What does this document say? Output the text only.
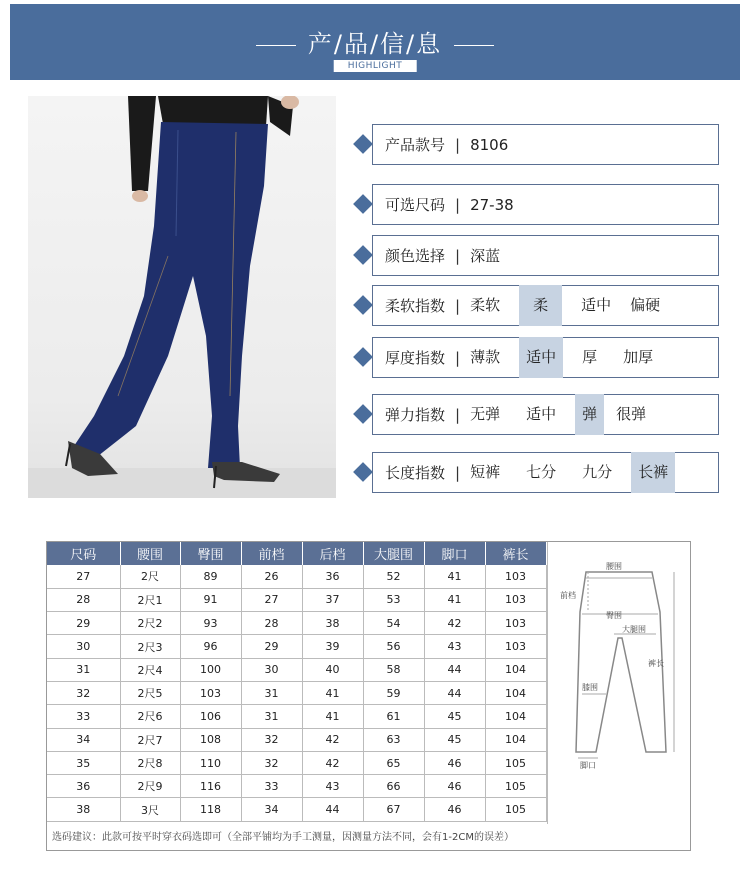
产/品/信/息
HIGHLIGHT
产品款号 | 8106
可选尺码 | 27-38
颜色选择 | 深蓝
柔软指数 | 柔软	柔	适中	偏硬
厚度指数 | 薄款	适中	厚	加厚
弹力指数 | 无弹	适中	弹	很弹
长度指数 | 短裤	七分	九分	长裤
尺码	腰围	臀围	前档	后档	大腿围	脚口	裤长
27	2尺	89	26	36	52	41	103
28	2尺1	91	27	37	53	41	103
29	2尺2	93	28	38	54	42	103
30	2尺3	96	29	39	56	43	103
31	2尺4	100	30	40	58	44	104
32	2尺5	103	31	41	59	44	104
33	2尺6	106	31	41	61	45	104
34	2尺7	108	32	42	63	45	104
35	2尺8	110	32	42	65	46	105
36	2尺9	116	33	43	66	46	105
38	3尺	118	34	44	67	46	105
腰围
前档
臀围
大腿围
膝围
裤长
脚口
选码建议：此款可按平时穿衣码选即可（全部平铺均为手工测量，因测量方法不同，会有1-2CM的误差）
